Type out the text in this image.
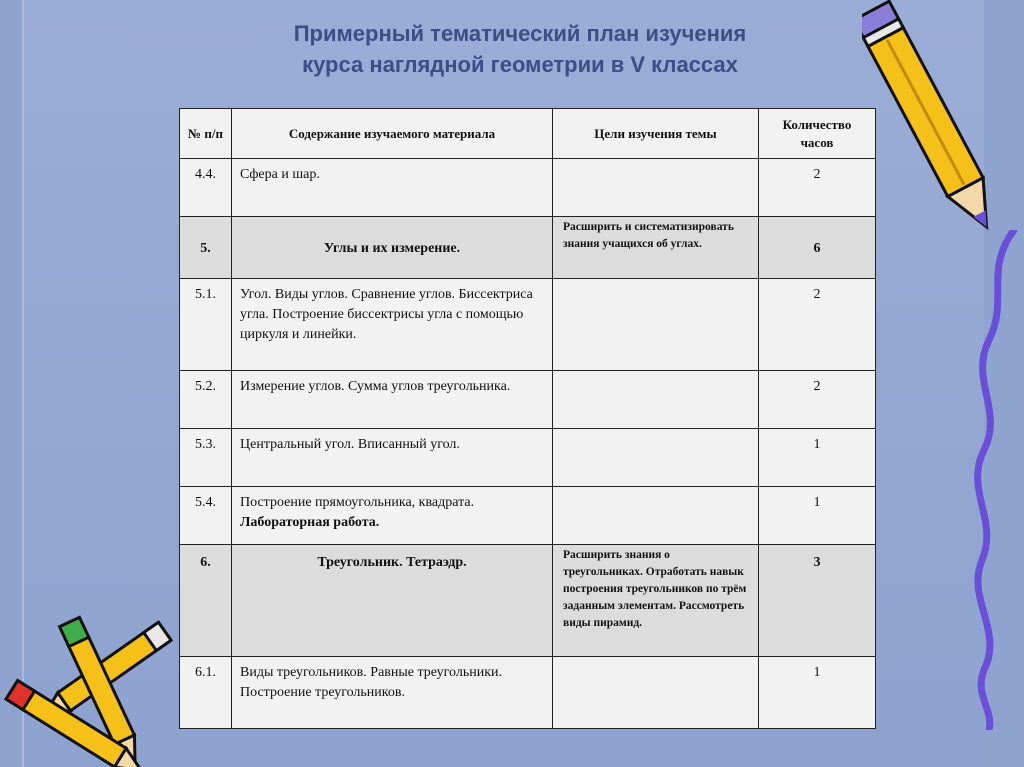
Примерный тематический план изучения
курса наглядной геометрии в V классах
№ п/п	Содержание изучаемого материала	Цели изучения темы	Количество часов
4.4.	Сфера и шар.		2
5.	Углы и их измерение.	Расширить и систематизировать знания учащихся об углах.	6
5.1.	Угол. Виды углов. Сравнение углов. Биссектриса угла. Построение биссектрисы угла с помощью циркуля и линейки.		2
5.2.	Измерение углов. Сумма углов треугольника.		2
5.3.	Центральный угол. Вписанный угол.		1
5.4.	Построение прямоугольника, квадрата.
Лабораторная работа.		1
6.	Треугольник. Тетраэдр.	Расширить знания о треугольниках. Отработать навык построения треугольников по трём заданным элементам. Рассмотреть виды пирамид.	3
6.1.	Виды треугольников. Равные треугольники.
Построение треугольников.		1
